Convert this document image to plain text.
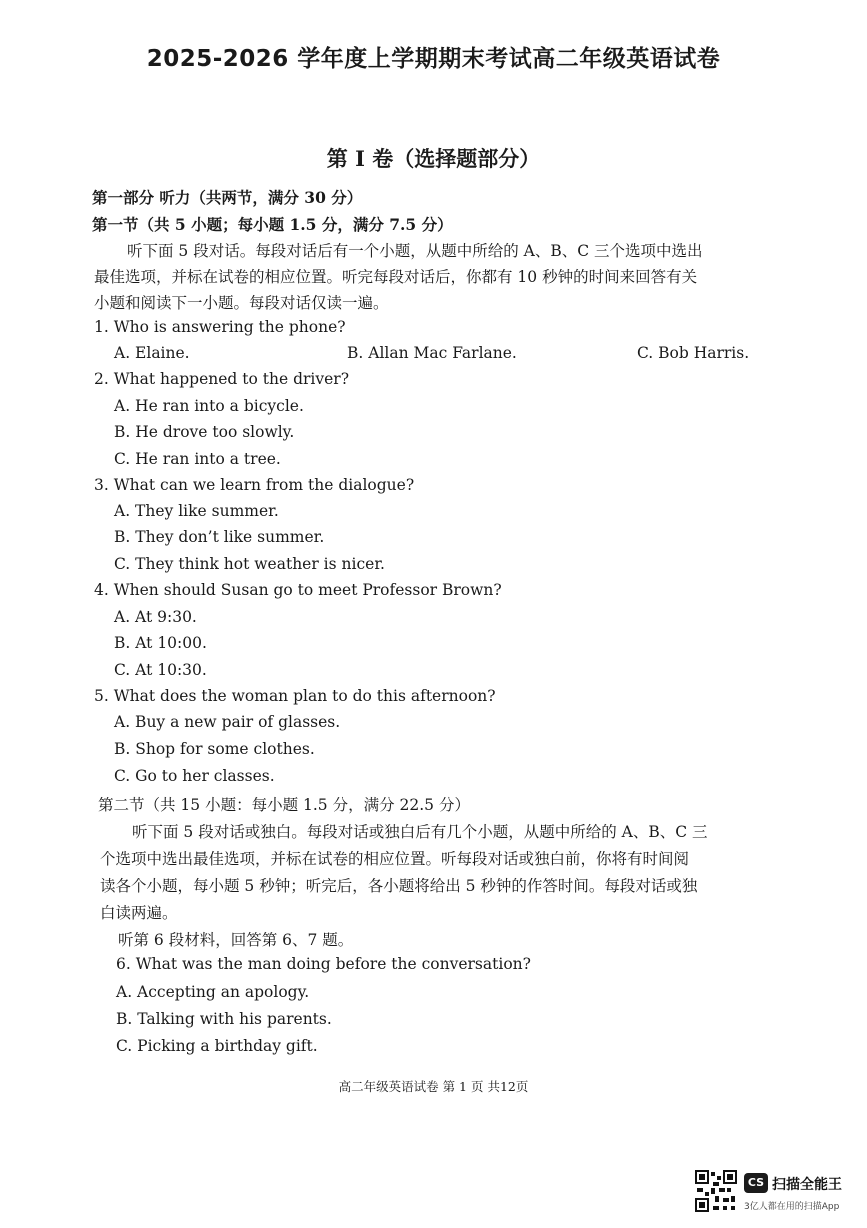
2025-2026 学年度上学期期末考试高二年级英语试卷
第 I 卷（选择题部分）
第一部分 听力（共两节，满分 30 分）
第一节（共 5 小题；每小题 1.5 分，满分 7.5 分）
听下面 5 段对话。每段对话后有一个小题，从题中所给的 A、B、C 三个选项中选出
最佳选项，并标在试卷的相应位置。听完每段对话后，你都有 10 秒钟的时间来回答有关
小题和阅读下一小题。每段对话仅读一遍。
1. Who is answering the phone?
A. Elaine.	B. Allan Mac Farlane.	C. Bob Harris.
2. What happened to the driver?
A. He ran into a bicycle.
B. He drove too slowly.
C. He ran into a tree.
3. What can we learn from the dialogue?
A. They like summer.
B. They don’t like summer.
C. They think hot weather is nicer.
4. When should Susan go to meet Professor Brown?
A. At 9:30.
B. At 10:00.
C. At 10:30.
5. What does the woman plan to do this afternoon?
A. Buy a new pair of glasses.
B. Shop for some clothes.
C. Go to her classes.
第二节（共 15 小题：每小题 1.5 分，满分 22.5 分）
听下面 5 段对话或独白。每段对话或独白后有几个小题，从题中所给的 A、B、C 三
个选项中选出最佳选项，并标在试卷的相应位置。听每段对话或独白前，你将有时间阅
读各个小题，每小题 5 秒钟；听完后，各小题将给出 5 秒钟的作答时间。每段对话或独
白读两遍。
听第 6 段材料，回答第 6、7 题。
6. What was the man doing before the conversation?
A. Accepting an apology.
B. Talking with his parents.
C. Picking a birthday gift.
高二年级英语试卷 第 1 页 共12页
CS 扫描全能王
3亿人都在用的扫描App
